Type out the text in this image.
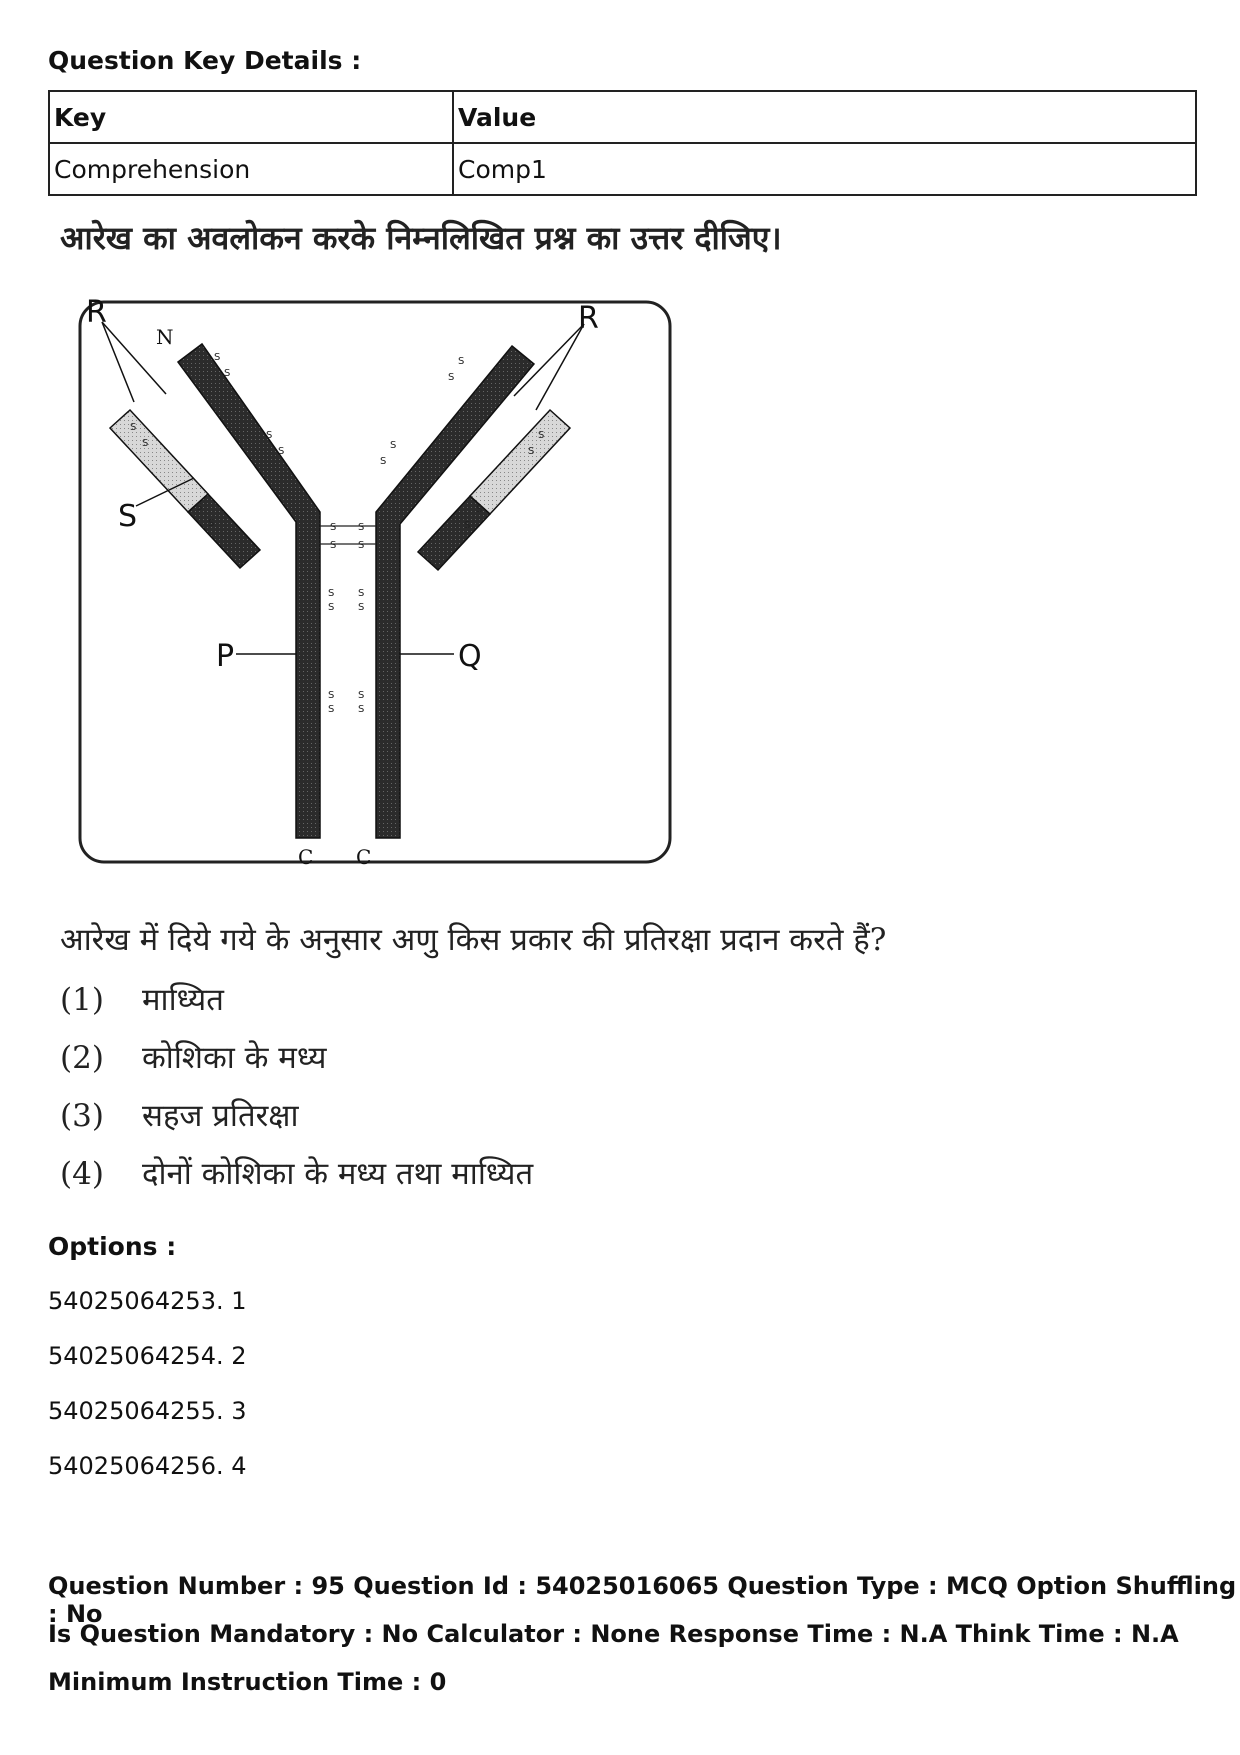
Question Key Details :
Key	Value
Comprehension	Comp1
आरेख का अवलोकन करके निम्नलिखित प्रश्न का उत्तर दीजिए।
S S
S S
S
S
S
S
S
S
S
S
S
S
S
S
S
S
S
S
S
S
S
S
S
S
S
S
R
N
R
S
P	Q
C C
आरेख में दिये गये के अनुसार अणु किस प्रकार की प्रतिरक्षा प्रदान करते हैं?
(1) माध्यित
(2) कोशिका के मध्य
(3) सहज प्रतिरक्षा
(4) दोनों कोशिका के मध्य तथा माध्यित
Options :
54025064253. 1
54025064254. 2
54025064255. 3
54025064256. 4
Question Number : 95 Question Id : 54025016065 Question Type : MCQ Option Shuffling : No
Is Question Mandatory : No Calculator : None Response Time : N.A Think Time : N.A
Minimum Instruction Time : 0
